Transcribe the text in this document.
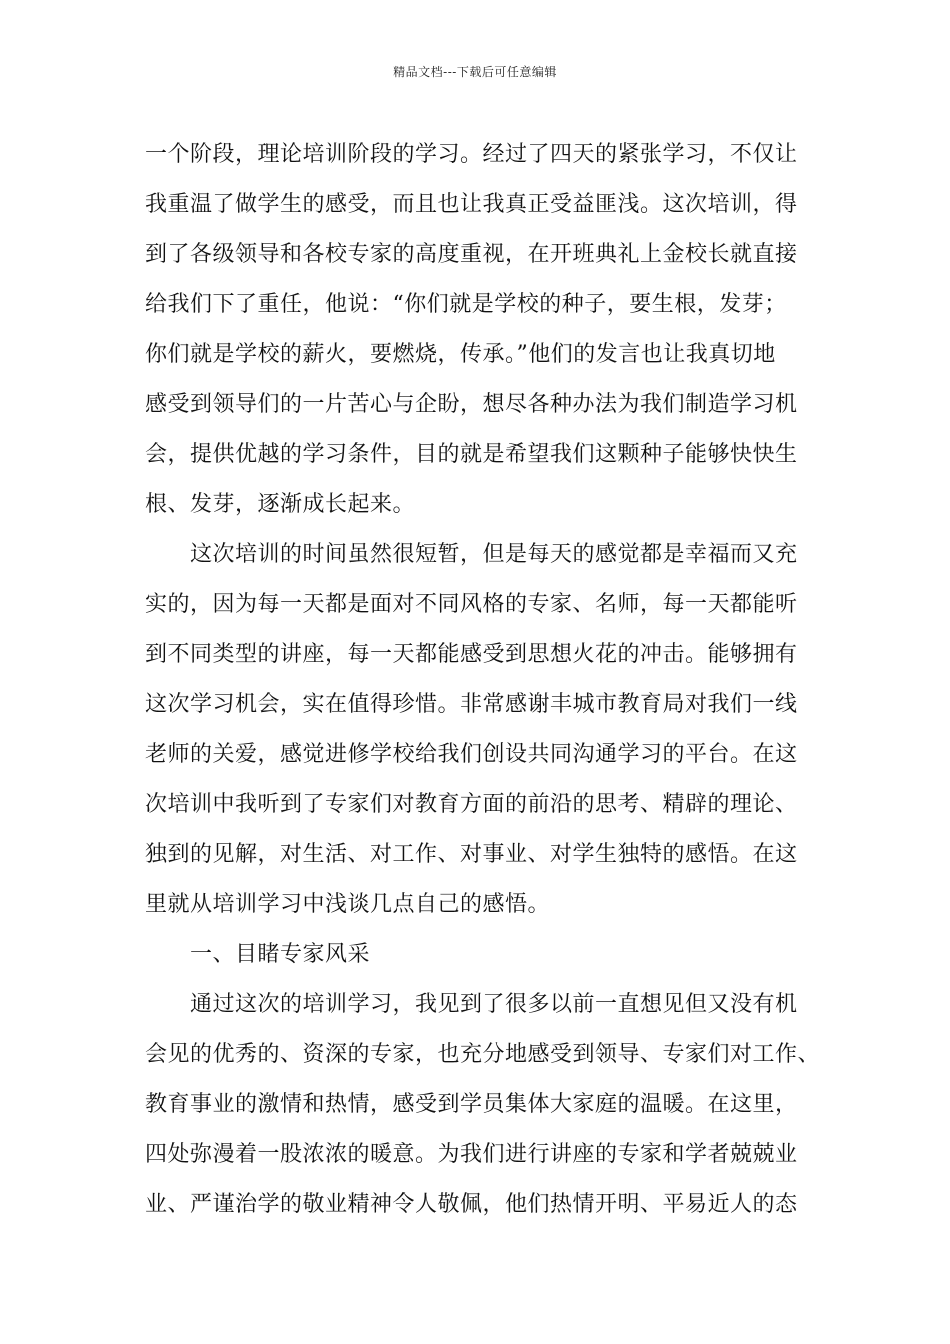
精品文档---下载后可任意编辑
一个阶段，理论培训阶段的学习。经过了四天的紧张学习，不仅让
我重温了做学生的感受，而且也让我真正受益匪浅。这次培训，得
到了各级领导和各校专家的高度重视，在开班典礼上金校长就直接
给我们下了重任，他说：“你们就是学校的种子，要生根，发芽；
你们就是学校的薪火，要燃烧，传承。”他们的发言也让我真切地
感受到领导们的一片苦心与企盼，想尽各种办法为我们制造学习机
会，提供优越的学习条件，目的就是希望我们这颗种子能够快快生
根、发芽，逐渐成长起来。
这次培训的时间虽然很短暂，但是每天的感觉都是幸福而又充
实的，因为每一天都是面对不同风格的专家、名师，每一天都能听
到不同类型的讲座，每一天都能感受到思想火花的冲击。能够拥有
这次学习机会，实在值得珍惜。非常感谢丰城市教育局对我们一线
老师的关爱，感觉进修学校给我们创设共同沟通学习的平台。在这
次培训中我听到了专家们对教育方面的前沿的思考、精辟的理论、
独到的见解，对生活、对工作、对事业、对学生独特的感悟。在这
里就从培训学习中浅谈几点自己的感悟。
一、目睹专家风采
通过这次的培训学习，我见到了很多以前一直想见但又没有机
会见的优秀的、资深的专家，也充分地感受到领导、专家们对工作、
教育事业的激情和热情，感受到学员集体大家庭的温暖。在这里，
四处弥漫着一股浓浓的暖意。为我们进行讲座的专家和学者兢兢业
业、严谨治学的敬业精神令人敬佩，他们热情开明、平易近人的态
